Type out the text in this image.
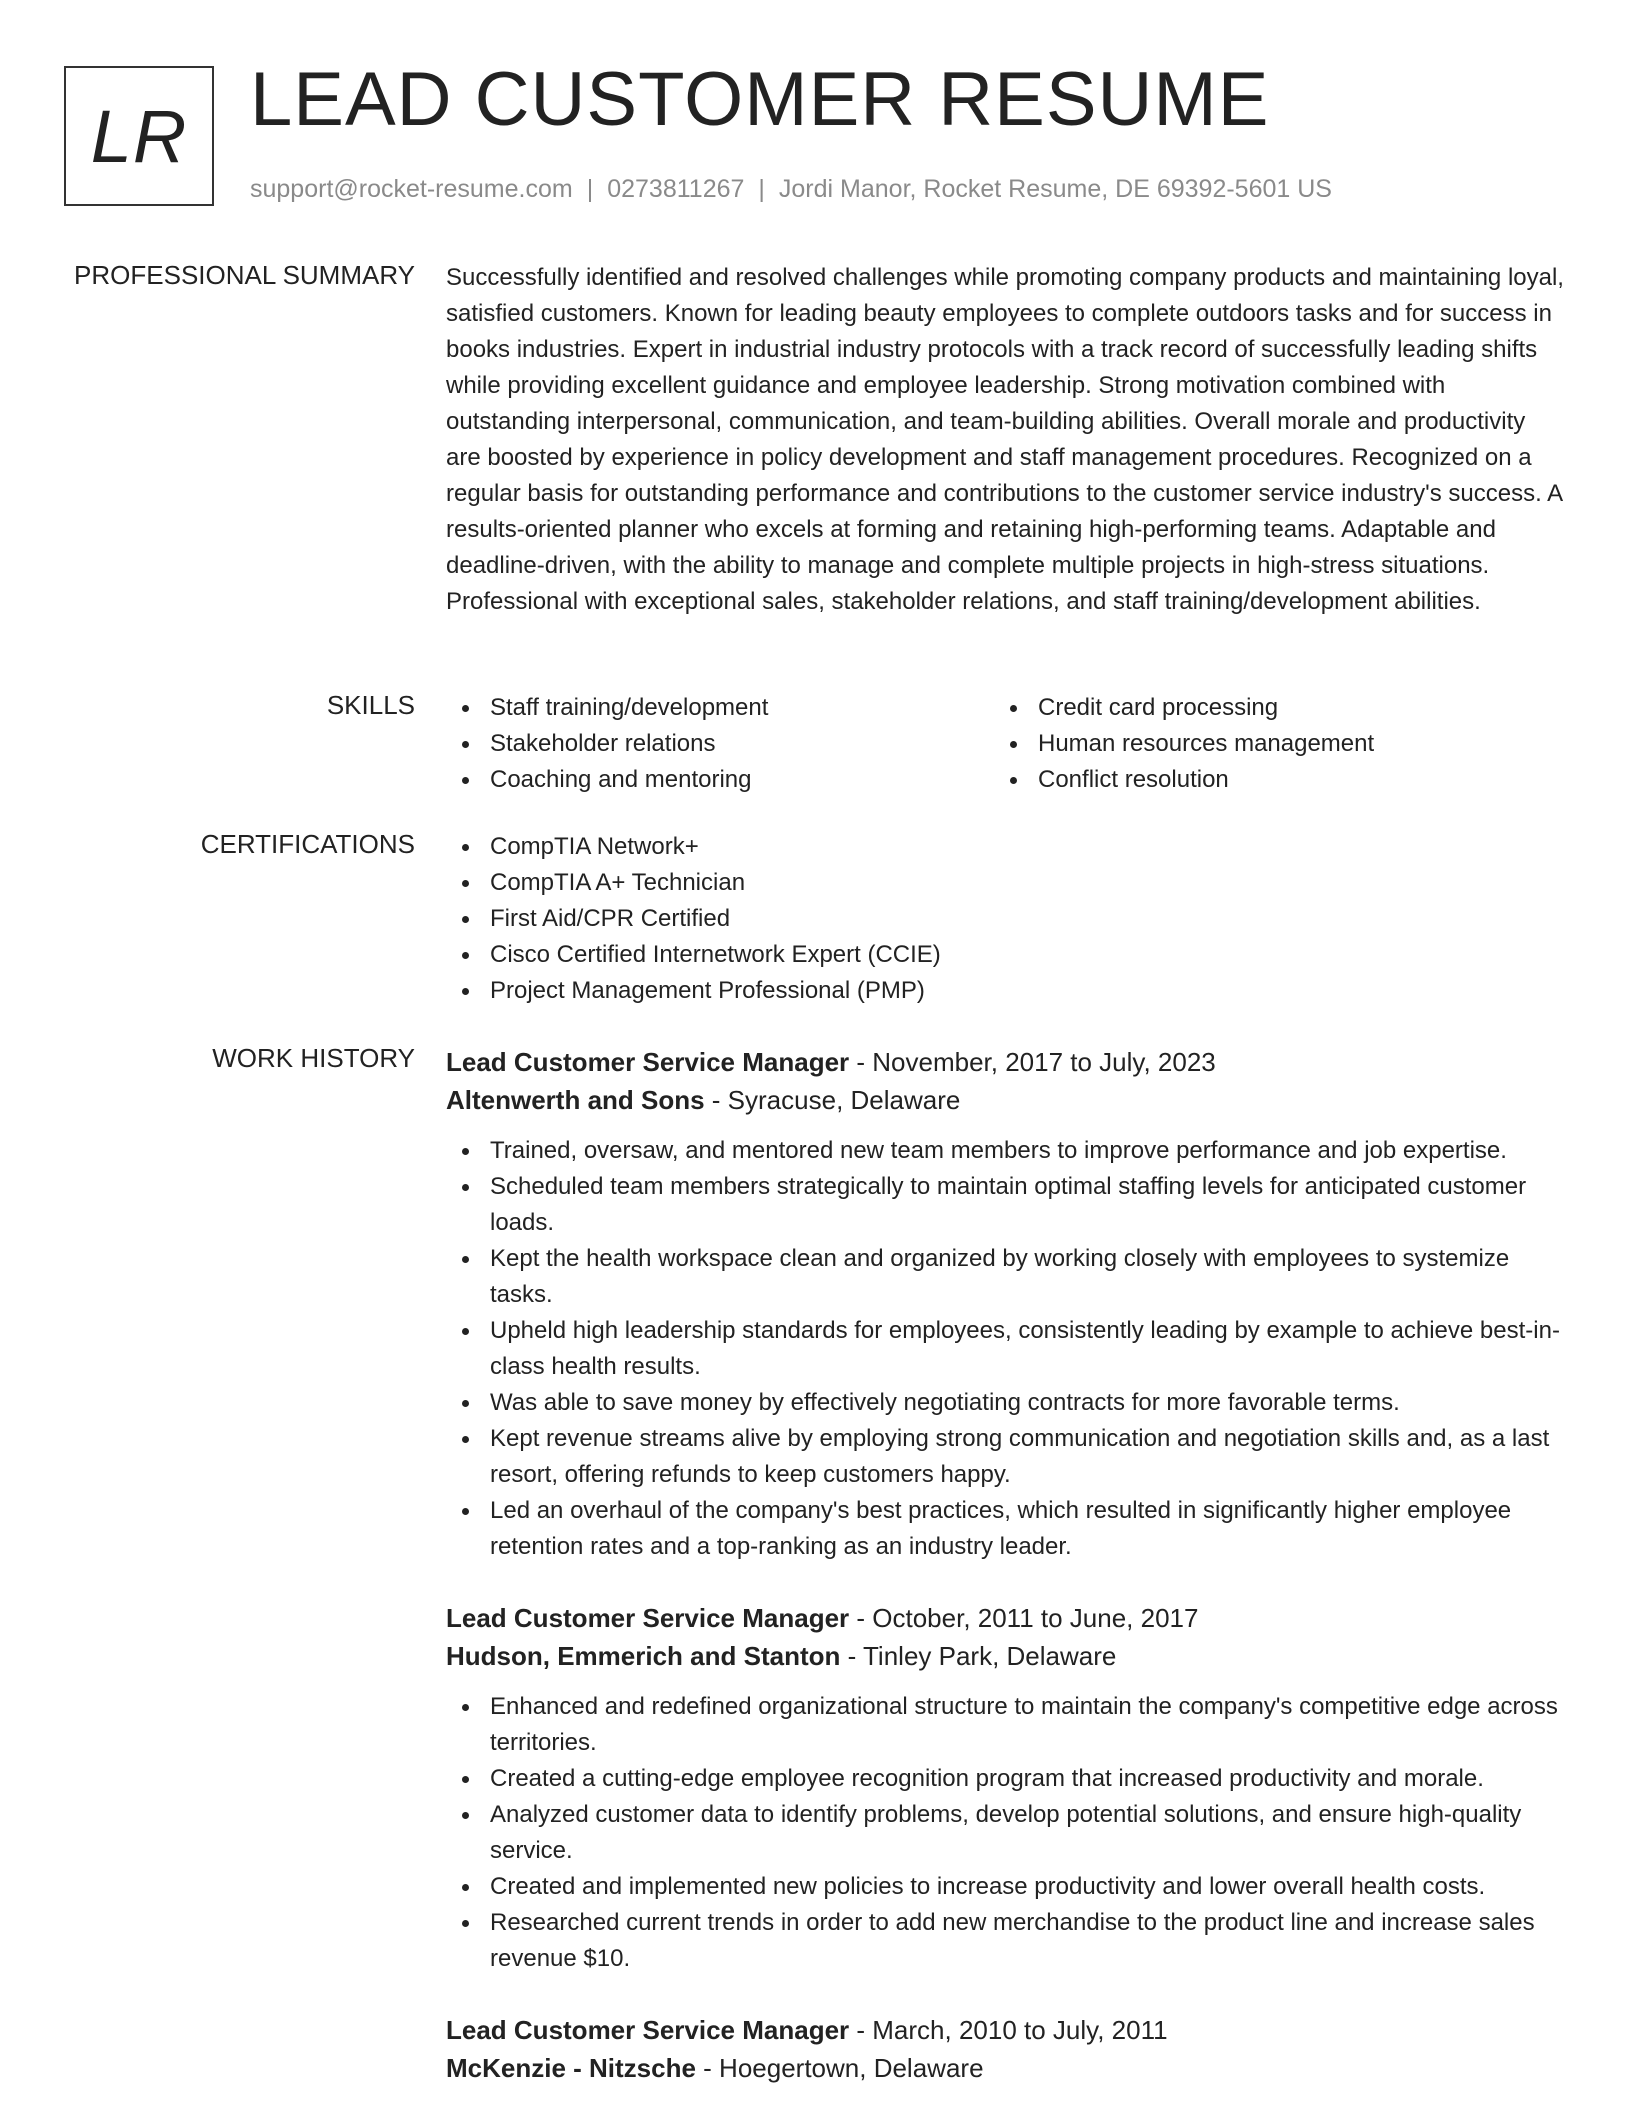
LR LEAD CUSTOMER RESUME
support@rocket-resume.com | 0273811267 | Jordi Manor, Rocket Resume, DE 69392-5601 US
PROFESSIONAL SUMMARY Successfully identified and resolved challenges while promoting company products and maintaining loyal, satisfied customers. Known for leading beauty employees to complete outdoors tasks and for success in books industries. Expert in industrial industry protocols with a track record of successfully leading shifts while providing excellent guidance and employee leadership. Strong motivation combined with outstanding interpersonal, communication, and team-building abilities. Overall morale and productivity are boosted by experience in policy development and staff management procedures. Recognized on a regular basis for outstanding performance and contributions to the customer service industry's success. A results-oriented planner who excels at forming and retaining high-performing teams. Adaptable and deadline-driven, with the ability to manage and complete multiple projects in high-stress situations. Professional with exceptional sales, stakeholder relations, and staff training/development abilities.

SKILLS	Staff training/development
Stakeholder relations
Coaching and mentoring
Credit card processing
Human resources management
Conflict resolution
CERTIFICATIONS	CompTIA Network+
CompTIA A+ Technician
First Aid/CPR Certified
Cisco Certified Internetwork Expert (CCIE)
Project Management Professional (PMP)
WORK HISTORY Lead Customer Service Manager - November, 2017 to July, 2023
Altenwerth and Sons - Syracuse, Delaware
Trained, oversaw, and mentored new team members to improve performance and job expertise.
Scheduled team members strategically to maintain optimal staffing levels for anticipated customer loads.
Kept the health workspace clean and organized by working closely with employees to systemize tasks.
Upheld high leadership standards for employees, consistently leading by example to achieve best-in-class health results.
Was able to save money by effectively negotiating contracts for more favorable terms.
Kept revenue streams alive by employing strong communication and negotiation skills and, as a last resort, offering refunds to keep customers happy.
Led an overhaul of the company's best practices, which resulted in significantly higher employee retention rates and a top-ranking as an industry leader.
Lead Customer Service Manager - October, 2011 to June, 2017
Hudson, Emmerich and Stanton - Tinley Park, Delaware
Enhanced and redefined organizational structure to maintain the company's competitive edge across territories.
Created a cutting-edge employee recognition program that increased productivity and morale.
Analyzed customer data to identify problems, develop potential solutions, and ensure high-quality service.
Created and implemented new policies to increase productivity and lower overall health costs.
Researched current trends in order to add new merchandise to the product line and increase sales revenue $10.
Lead Customer Service Manager - March, 2010 to July, 2011
McKenzie - Nitzsche - Hoegertown, Delaware
